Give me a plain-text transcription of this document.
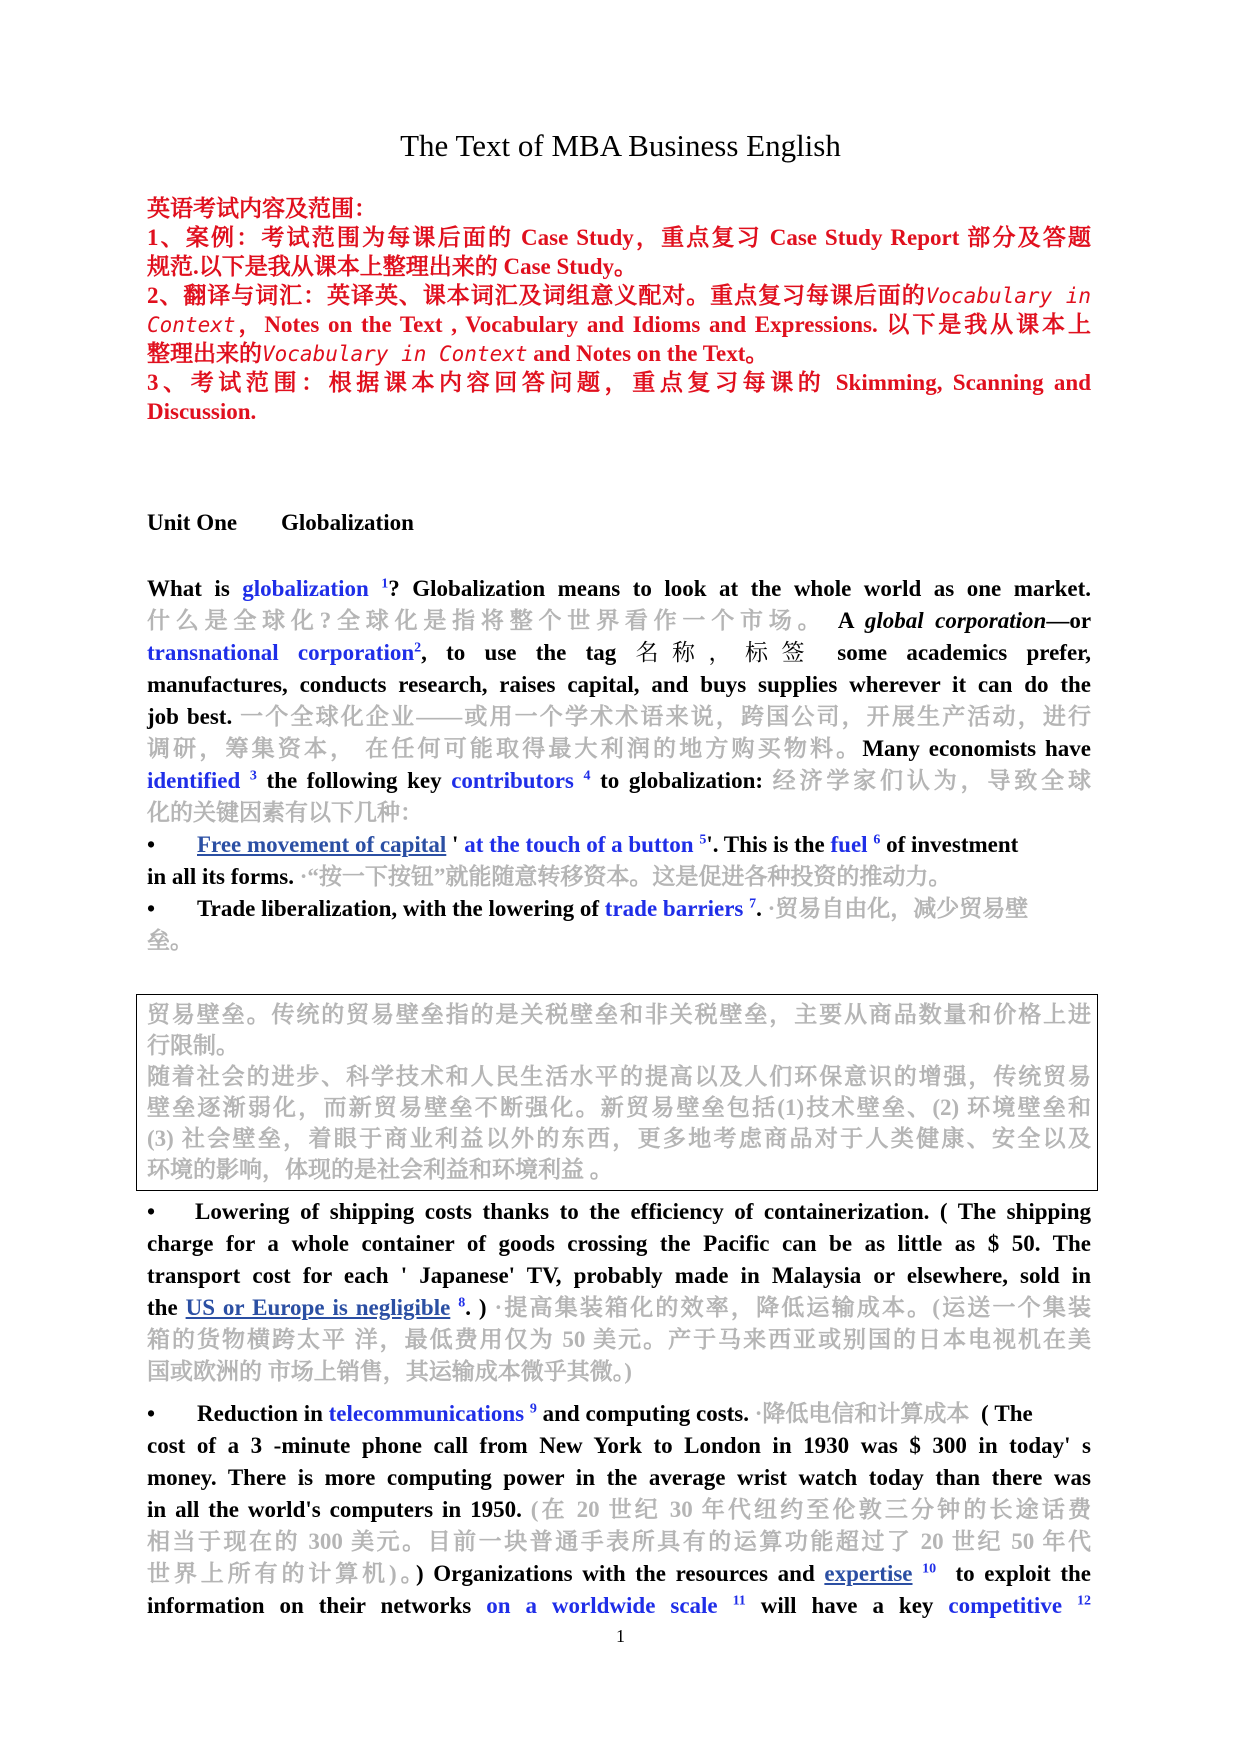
The Text of MBA Business English
英语考试内容及范围：
1、案例：考试范围为每课后面的 Case Study，重点复习 Case Study Report 部分及答题
规范.以下是我从课本上整理出来的 Case Study。
2、翻译与词汇：英译英、课本词汇及词组意义配对。重点复习每课后面的Vocabulary in
Context，Notes on the Text , Vocabulary and Idioms and Expressions. 以下是我从课本上
整理出来的Vocabulary in Context and Notes on the Text。
3、考试范围：根据课本内容回答问题，重点复习每课的 Skimming, Scanning and
Discussion.
Unit One Globalization
What is globalization $^1$? Globalization means to look at the whole world as one market.
什么是全球化?全球化是指将整个世界看作一个市场。 A global corporation—or
transnational corporation$^2$, to use the tag 名称，标签 some academics prefer,
manufactures, conducts research, raises capital, and buys supplies wherever it can do the
job best. 一个全球化企业——或用一个学术术语来说，跨国公司，开展生产活动，进行
调研，筹集资本， 在任何可能取得最大利润的地方购买物料。Many economists have
identified $^3$ the following key contributors $^4$ to globalization: 经济学家们认为，导致全球
化的关键因素有以下几种：
• Free movement of capital ' at the touch of a button $^5$'. This is the fuel $^6$ of investment
in all its forms. ·“按一下按钮”就能随意转移资本。这是促进各种投资的推动力。
• Trade liberalization, with the lowering of trade barriers $^7$. ·贸易自由化，减少贸易壁
垒。
贸易壁垒。传统的贸易壁垒指的是关税壁垒和非关税壁垒，主要从商品数量和价格上进
行限制。
随着社会的进步、科学技术和人民生活水平的提高以及人们环保意识的增强，传统贸易
壁垒逐渐弱化，而新贸易壁垒不断强化。新贸易壁垒包括(1)技术壁垒、(2) 环境壁垒和
(3) 社会壁垒，着眼于商业利益以外的东西，更多地考虑商品对于人类健康、安全以及
环境的影响，体现的是社会利益和环境利益 。
• Lowering of shipping costs thanks to the efficiency of containerization. ( The shipping
charge for a whole container of goods crossing the Pacific can be as little as $ 50. The
transport cost for each ' Japanese' TV, probably made in Malaysia or elsewhere, sold in
the US or Europe is negligible $^8$. ) ·提高集装箱化的效率，降低运输成本。(运送一个集装
箱的货物横跨太平 洋，最低费用仅为 50 美元。产于马来西亚或别国的日本电视机在美
国或欧洲的 市场上销售，其运输成本微乎其微。)
• Reduction in telecommunications $^9$ and computing costs. ·降低电信和计算成本  ( The
cost of a 3 -minute phone call from New York to London in 1930 was $ 300 in today' s
money. There is more computing power in the average wrist watch today than there was
in all the world's computers in 1950. (在 20 世纪 30 年代纽约至伦敦三分钟的长途话费
相当于现在的 300 美元。目前一块普通手表所具有的运算功能超过了 20 世纪 50 年代
世界上所有的计算机)。) Organizations with the resources and expertise $^{10}$  to exploit the
information on their networks on a worldwide scale $^{11}$ will have a key competitive $^{12}$
1
